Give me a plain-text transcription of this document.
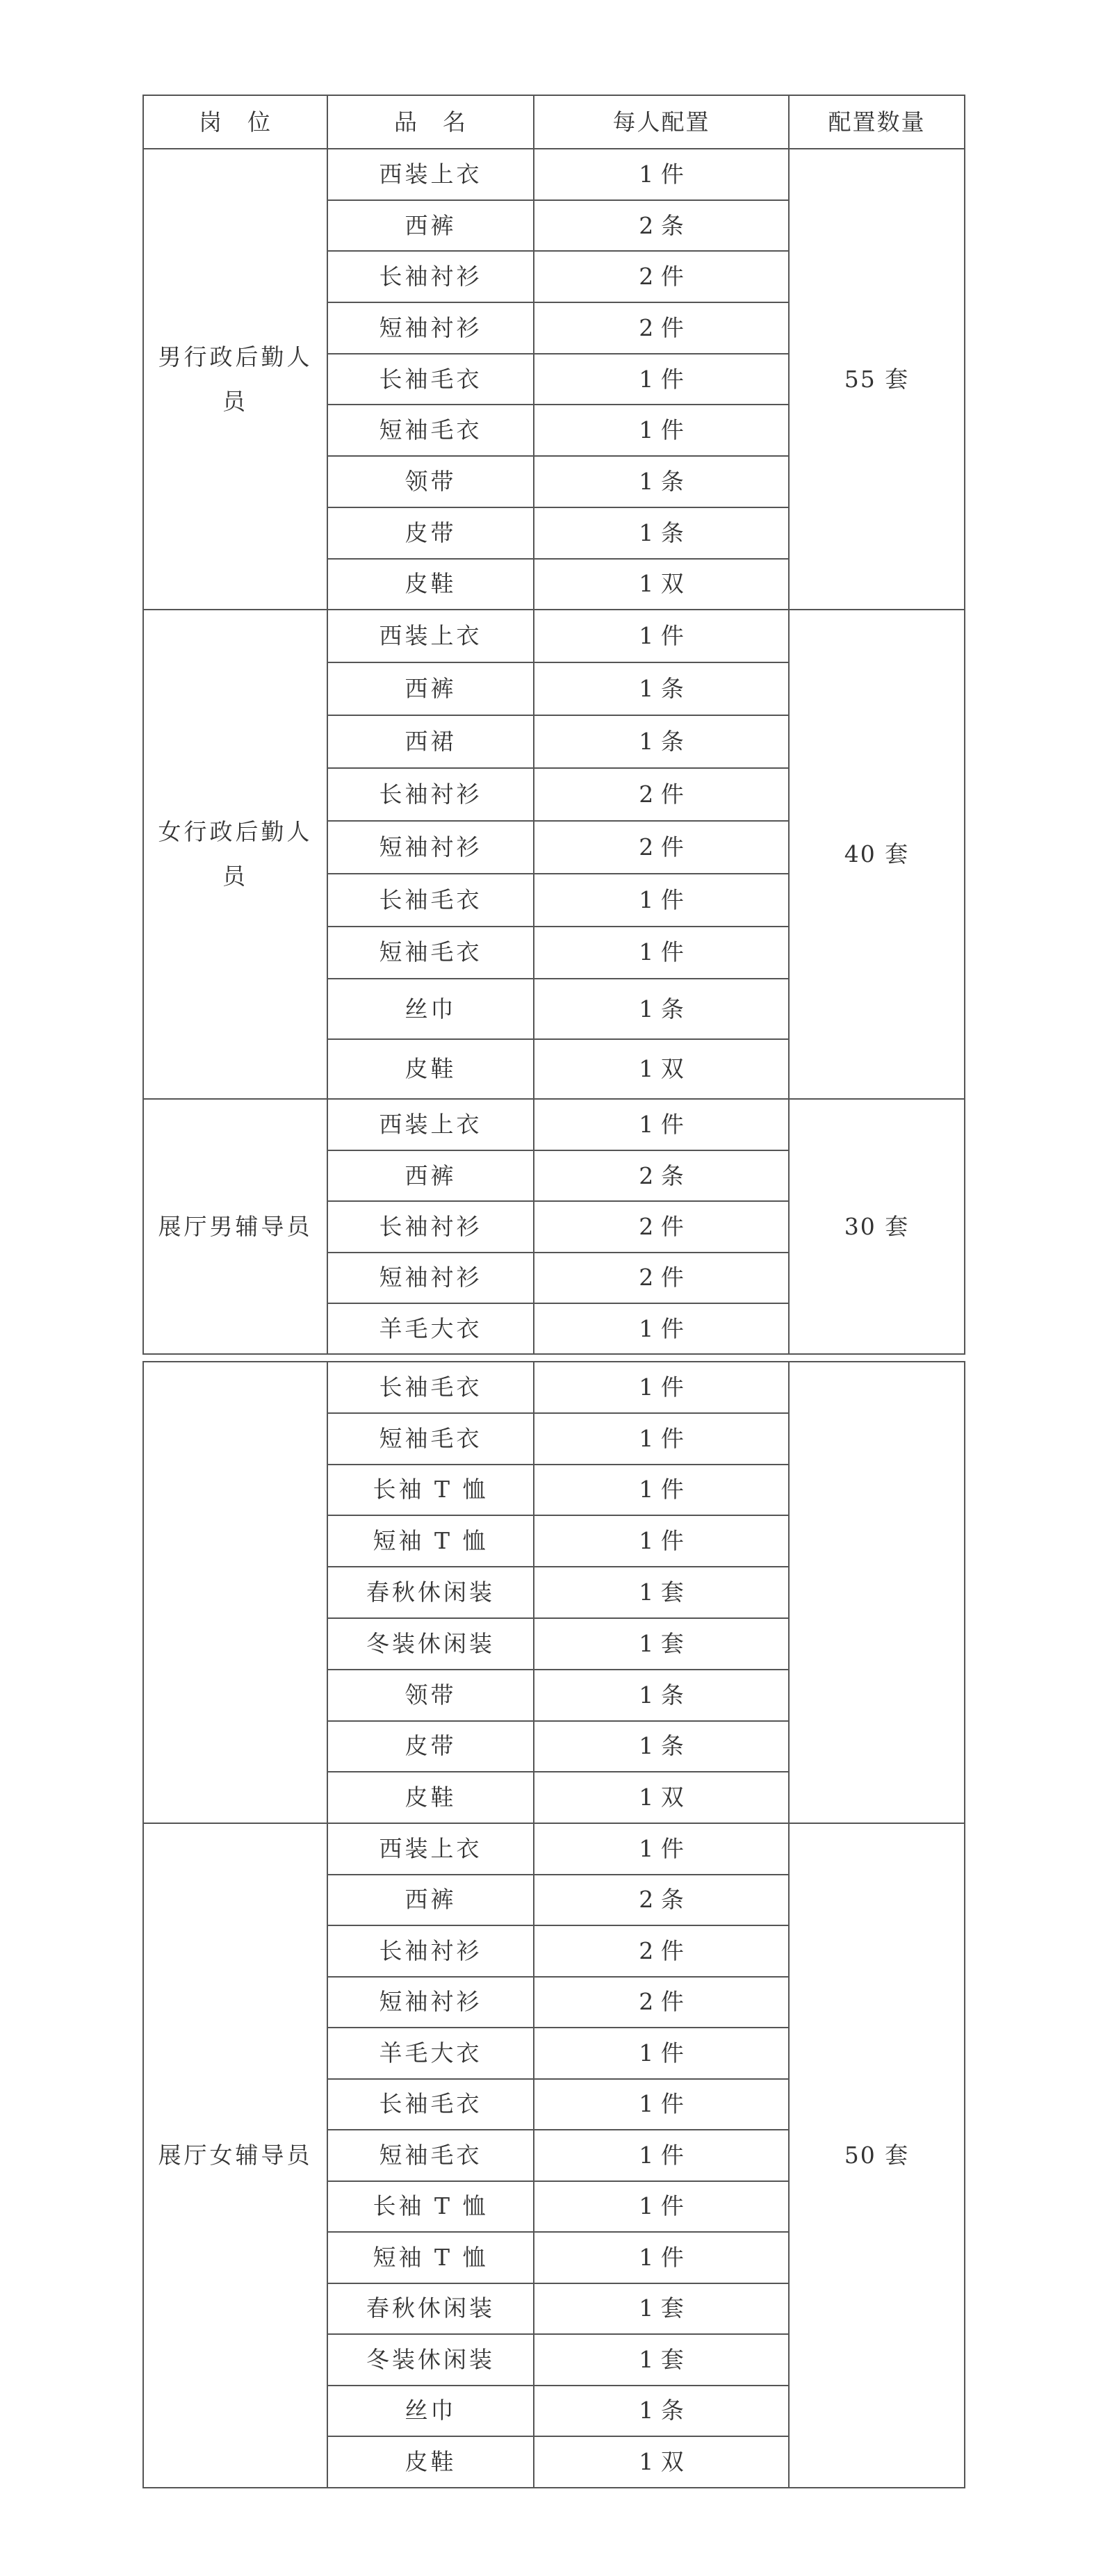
岗　位	品　名	每人配置	配置数量
男行政后勤人员	西装上衣	1 件	55 套
	西裤	2 条	
	长袖衬衫	2 件	
	短袖衬衫	2 件	
	长袖毛衣	1 件	
	短袖毛衣	1 件	
	领带	1 条	
	皮带	1 条	
	皮鞋	1 双	
女行政后勤人员	西装上衣	1 件	40 套
	西裤	1 条	
	西裙	1 条	
	长袖衬衫	2 件	
	短袖衬衫	2 件	
	长袖毛衣	1 件	
	短袖毛衣	1 件	
	丝巾	1 条	
	皮鞋	1 双	
展厅男辅导员	西装上衣	1 件	30 套
	西裤	2 条	
	长袖衬衫	2 件	
	短袖衬衫	2 件	
	羊毛大衣	1 件	
	长袖毛衣	1 件	
	短袖毛衣	1 件	
	长袖 T 恤	1 件	
	短袖 T 恤	1 件	
	春秋休闲装	1 套	
	冬装休闲装	1 套	
	领带	1 条	
	皮带	1 条	
	皮鞋	1 双	
展厅女辅导员	西装上衣	1 件	50 套
	西裤	2 条	
	长袖衬衫	2 件	
	短袖衬衫	2 件	
	羊毛大衣	1 件	
	长袖毛衣	1 件	
	短袖毛衣	1 件	
	长袖 T 恤	1 件	
	短袖 T 恤	1 件	
	春秋休闲装	1 套	
	冬装休闲装	1 套	
	丝巾	1 条	
	皮鞋	1 双	
